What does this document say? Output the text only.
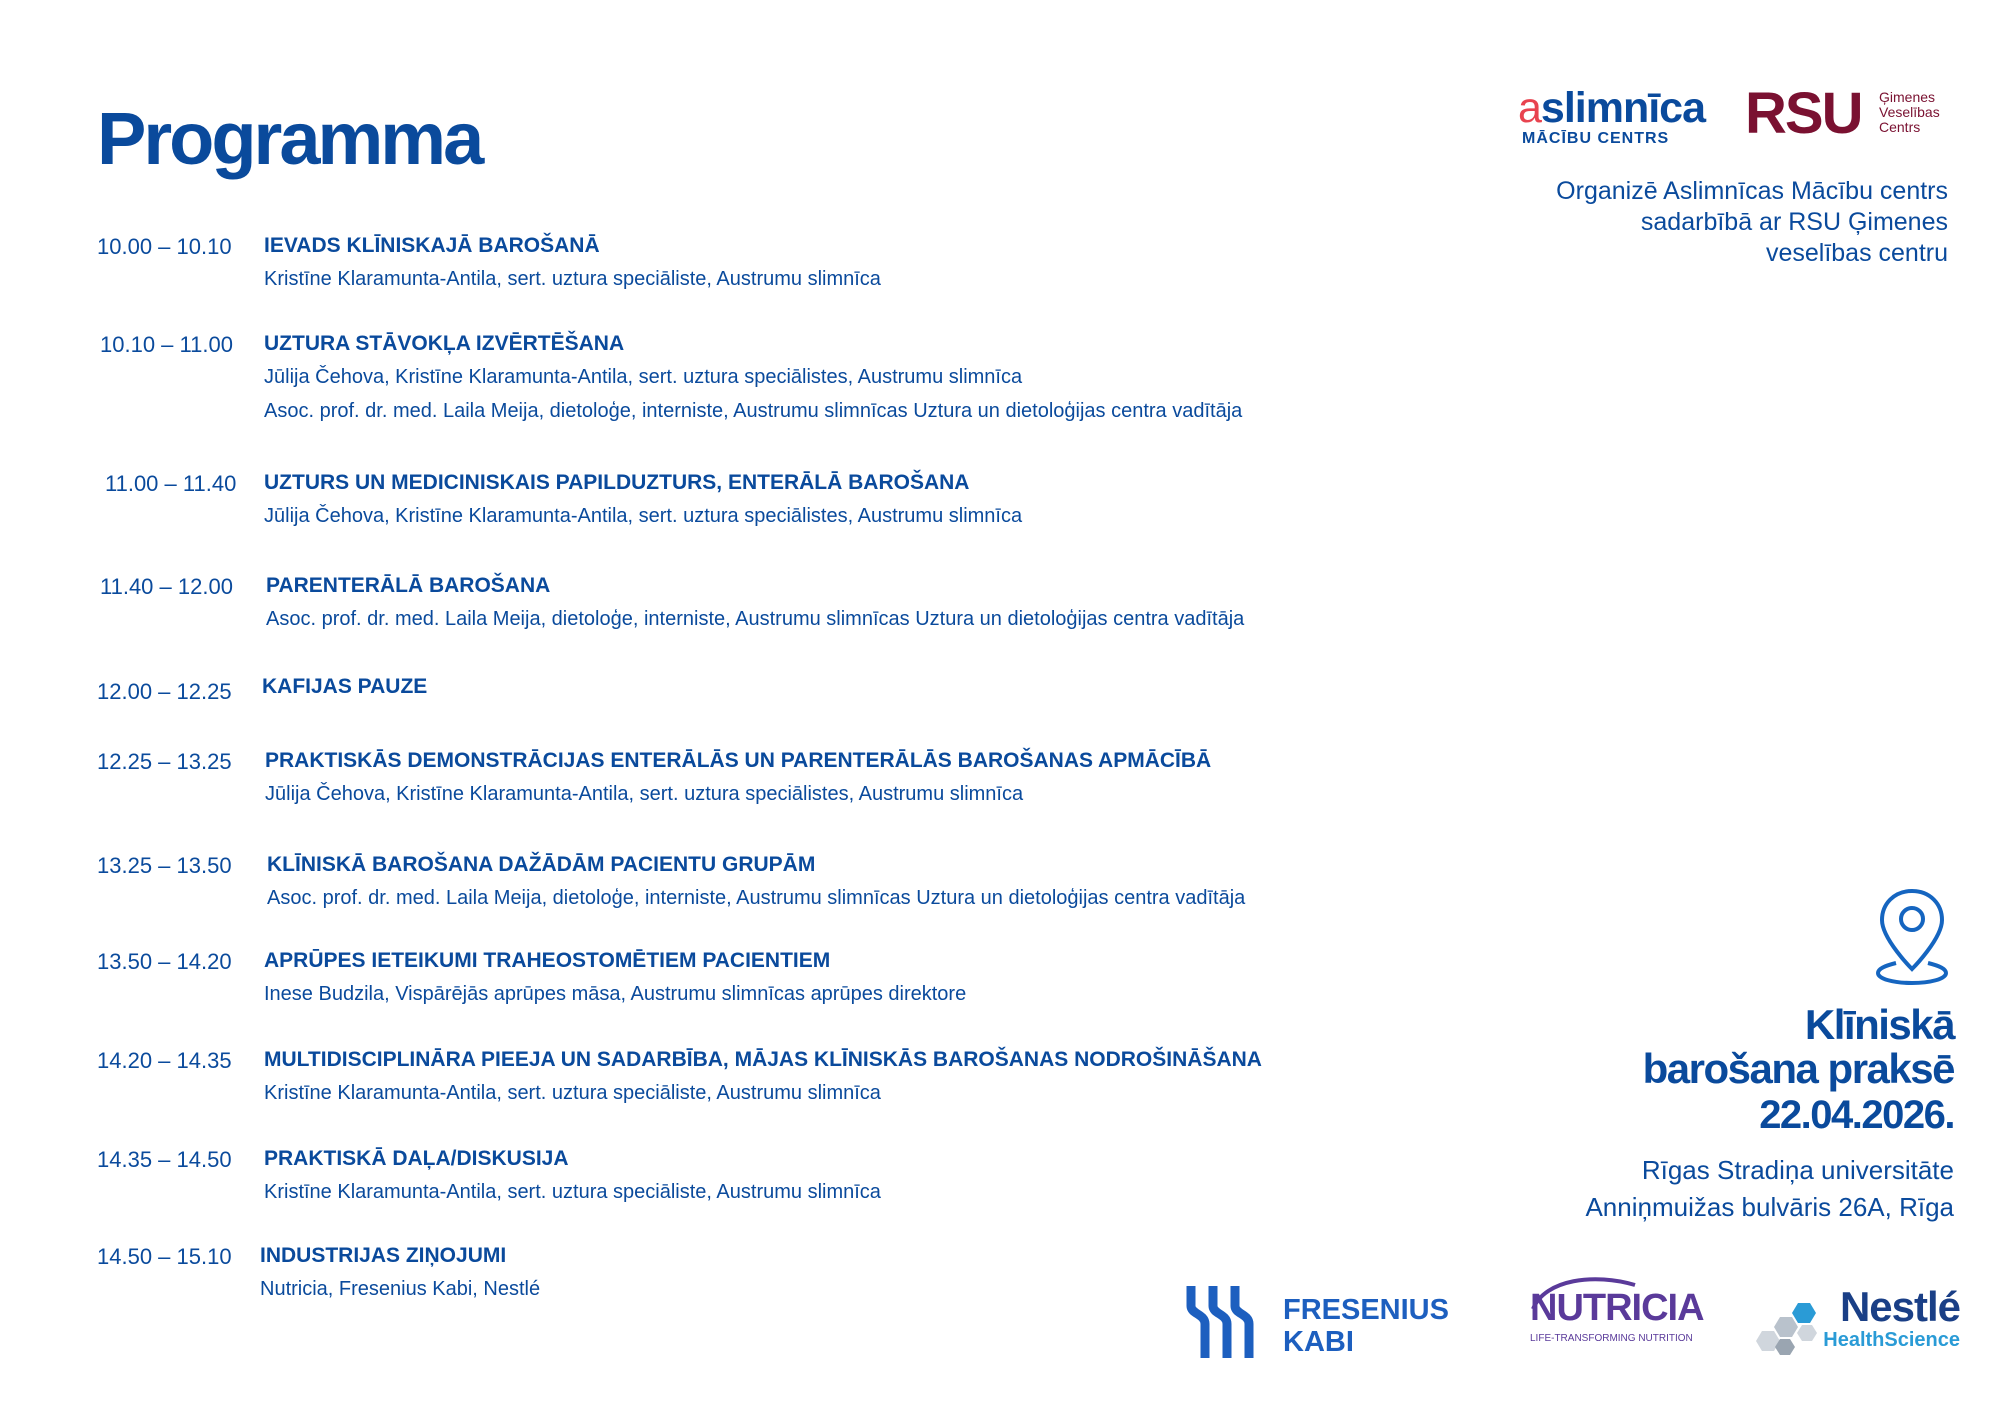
Programma
10.00 – 10.10	IEVADS KLĪNISKAJĀ BAROŠANĀ
Kristīne Klaramunta-Antila, sert. uztura speciāliste, Austrumu slimnīca
10.10 – 11.00	UZTURA STĀVOKĻA IZVĒRTĒŠANA
Jūlija Čehova, Kristīne Klaramunta-Antila, sert. uztura speciālistes, Austrumu slimnīca
Asoc. prof. dr. med. Laila Meija, dietoloģe, interniste, Austrumu slimnīcas Uztura un dietoloģijas centra vadītāja
11.00 – 11.40	UZTURS UN MEDICINISKAIS PAPILDUZTURS, ENTERĀLĀ BAROŠANA
Jūlija Čehova, Kristīne Klaramunta-Antila, sert. uztura speciālistes, Austrumu slimnīca
11.40 – 12.00	PARENTERĀLĀ BAROŠANA
Asoc. prof. dr. med. Laila Meija, dietoloģe, interniste, Austrumu slimnīcas Uztura un dietoloģijas centra vadītāja
12.00 – 12.25	KAFIJAS PAUZE
12.25 – 13.25	PRAKTISKĀS DEMONSTRĀCIJAS ENTERĀLĀS UN PARENTERĀLĀS BAROŠANAS APMĀCĪBĀ
Jūlija Čehova, Kristīne Klaramunta-Antila, sert. uztura speciālistes, Austrumu slimnīca
13.25 – 13.50	KLĪNISKĀ BAROŠANA DAŽĀDĀM PACIENTU GRUPĀM
Asoc. prof. dr. med. Laila Meija, dietoloģe, interniste, Austrumu slimnīcas Uztura un dietoloģijas centra vadītāja
13.50 – 14.20	APRŪPES IETEIKUMI TRAHEOSTOMĒTIEM PACIENTIEM
Inese Budzila, Vispārējās aprūpes māsa, Austrumu slimnīcas aprūpes direktore
14.20 – 14.35	MULTIDISCIPLINĀRA PIEEJA UN SADARBĪBA, MĀJAS KLĪNISKĀS BAROŠANAS NODROŠINĀŠANA
Kristīne Klaramunta-Antila, sert. uztura speciāliste, Austrumu slimnīca
14.35 – 14.50	PRAKTISKĀ DAĻA/DISKUSIJA
Kristīne Klaramunta-Antila, sert. uztura speciāliste, Austrumu slimnīca
14.50 – 15.10	INDUSTRIJAS ZIŅOJUMI
Nutricia, Fresenius Kabi, Nestlé
aslimnīca
MĀCĪBU CENTRS RSU Ģimenes
Veselības
Centrs
Organizē Aslimnīcas Mācību centrs
sadarbībā ar RSU Ģimenes
veselības centru
Klīniskā
barošana praksē
22.04.2026.
Rīgas Stradiņa universitāte
Anniņmuižas bulvāris 26A, Rīga
FRESENIUS
KABI
NUTRICIA
LIFE-TRANSFORMING NUTRITION
Nestlé
HealthScience
